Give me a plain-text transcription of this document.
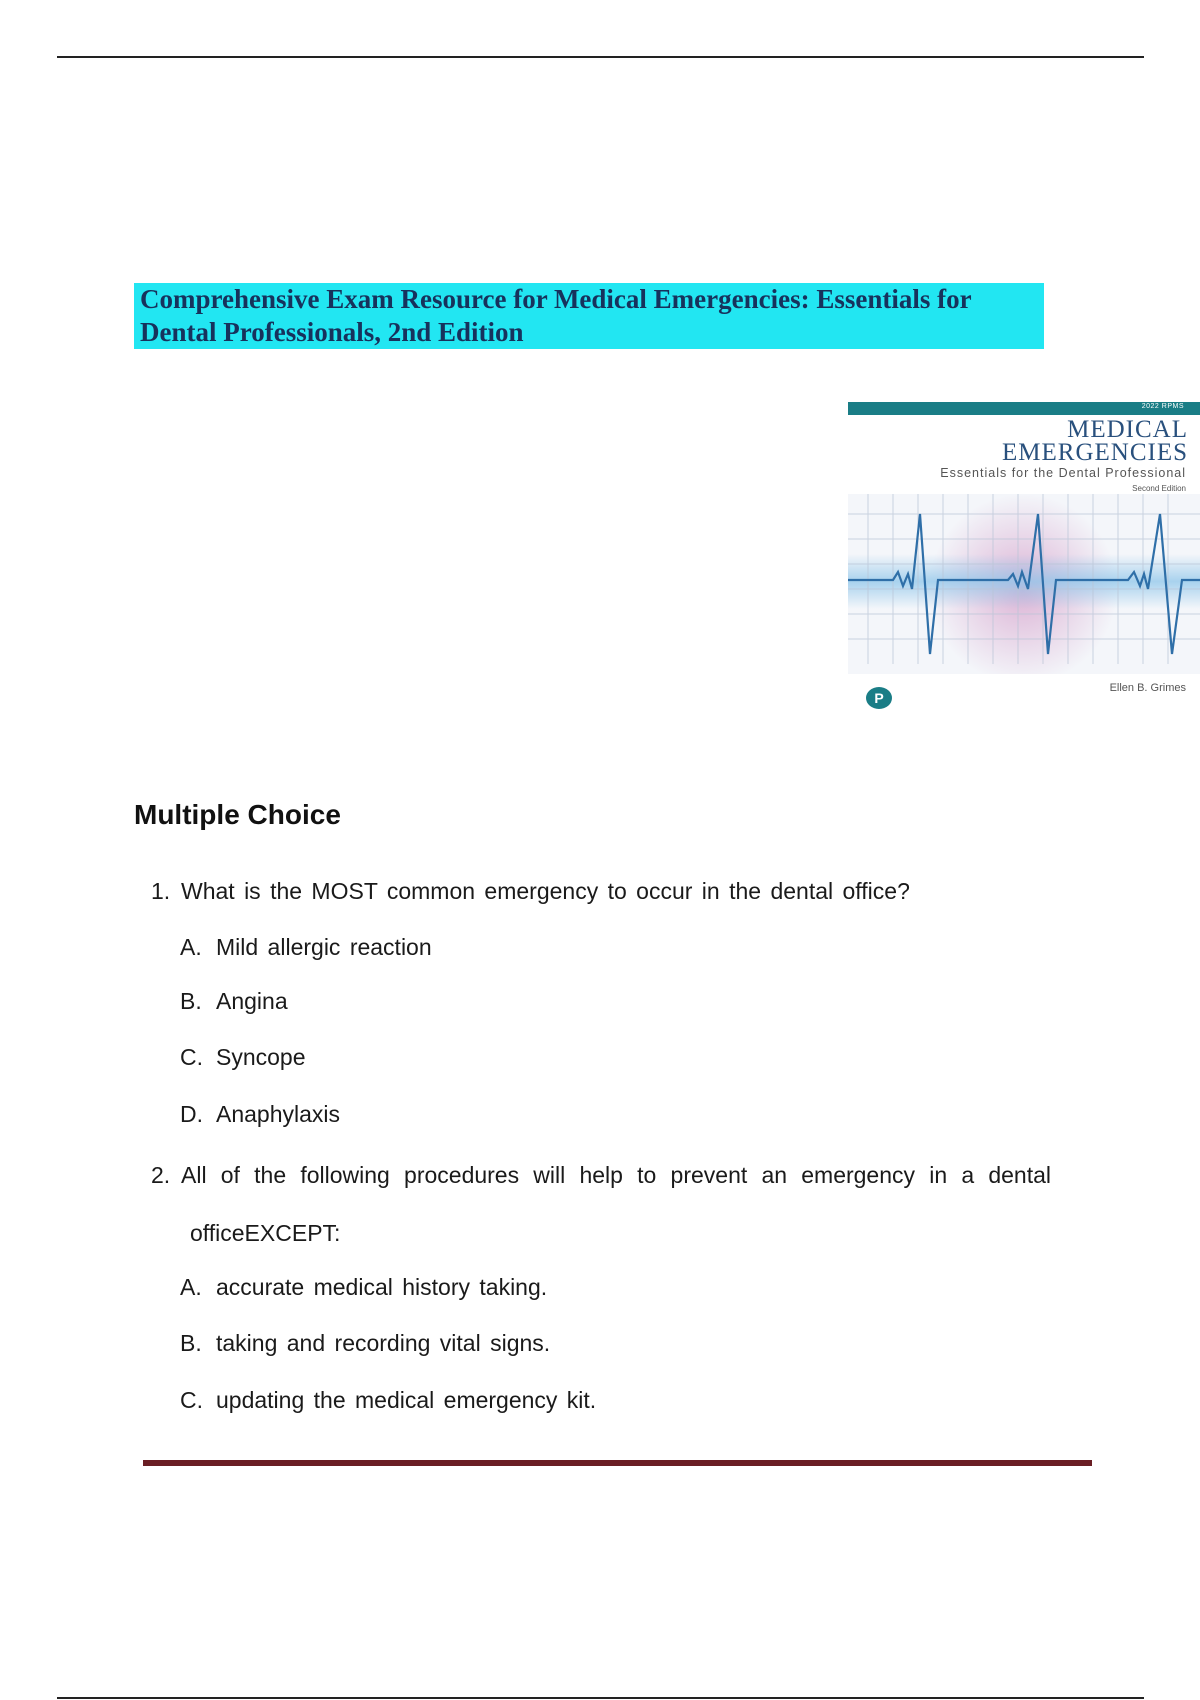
Comprehensive Exam Resource for Medical Emergencies: Essentials for
Dental Professionals, 2nd Edition
2022 RPMS
MEDICAL
EMERGENCIES
Essentials for the Dental Professional
Second Edition
P
Ellen B. Grimes
Multiple Choice
1. What is the MOST common emergency to occur in the dental office?
A. Mild allergic reaction
B. Angina
C. Syncope
D. Anaphylaxis
2. All of the following procedures will help to prevent an emergency in a dental
officeEXCEPT:
A. accurate medical history taking.
B. taking and recording vital signs.
C. updating the medical emergency kit.
